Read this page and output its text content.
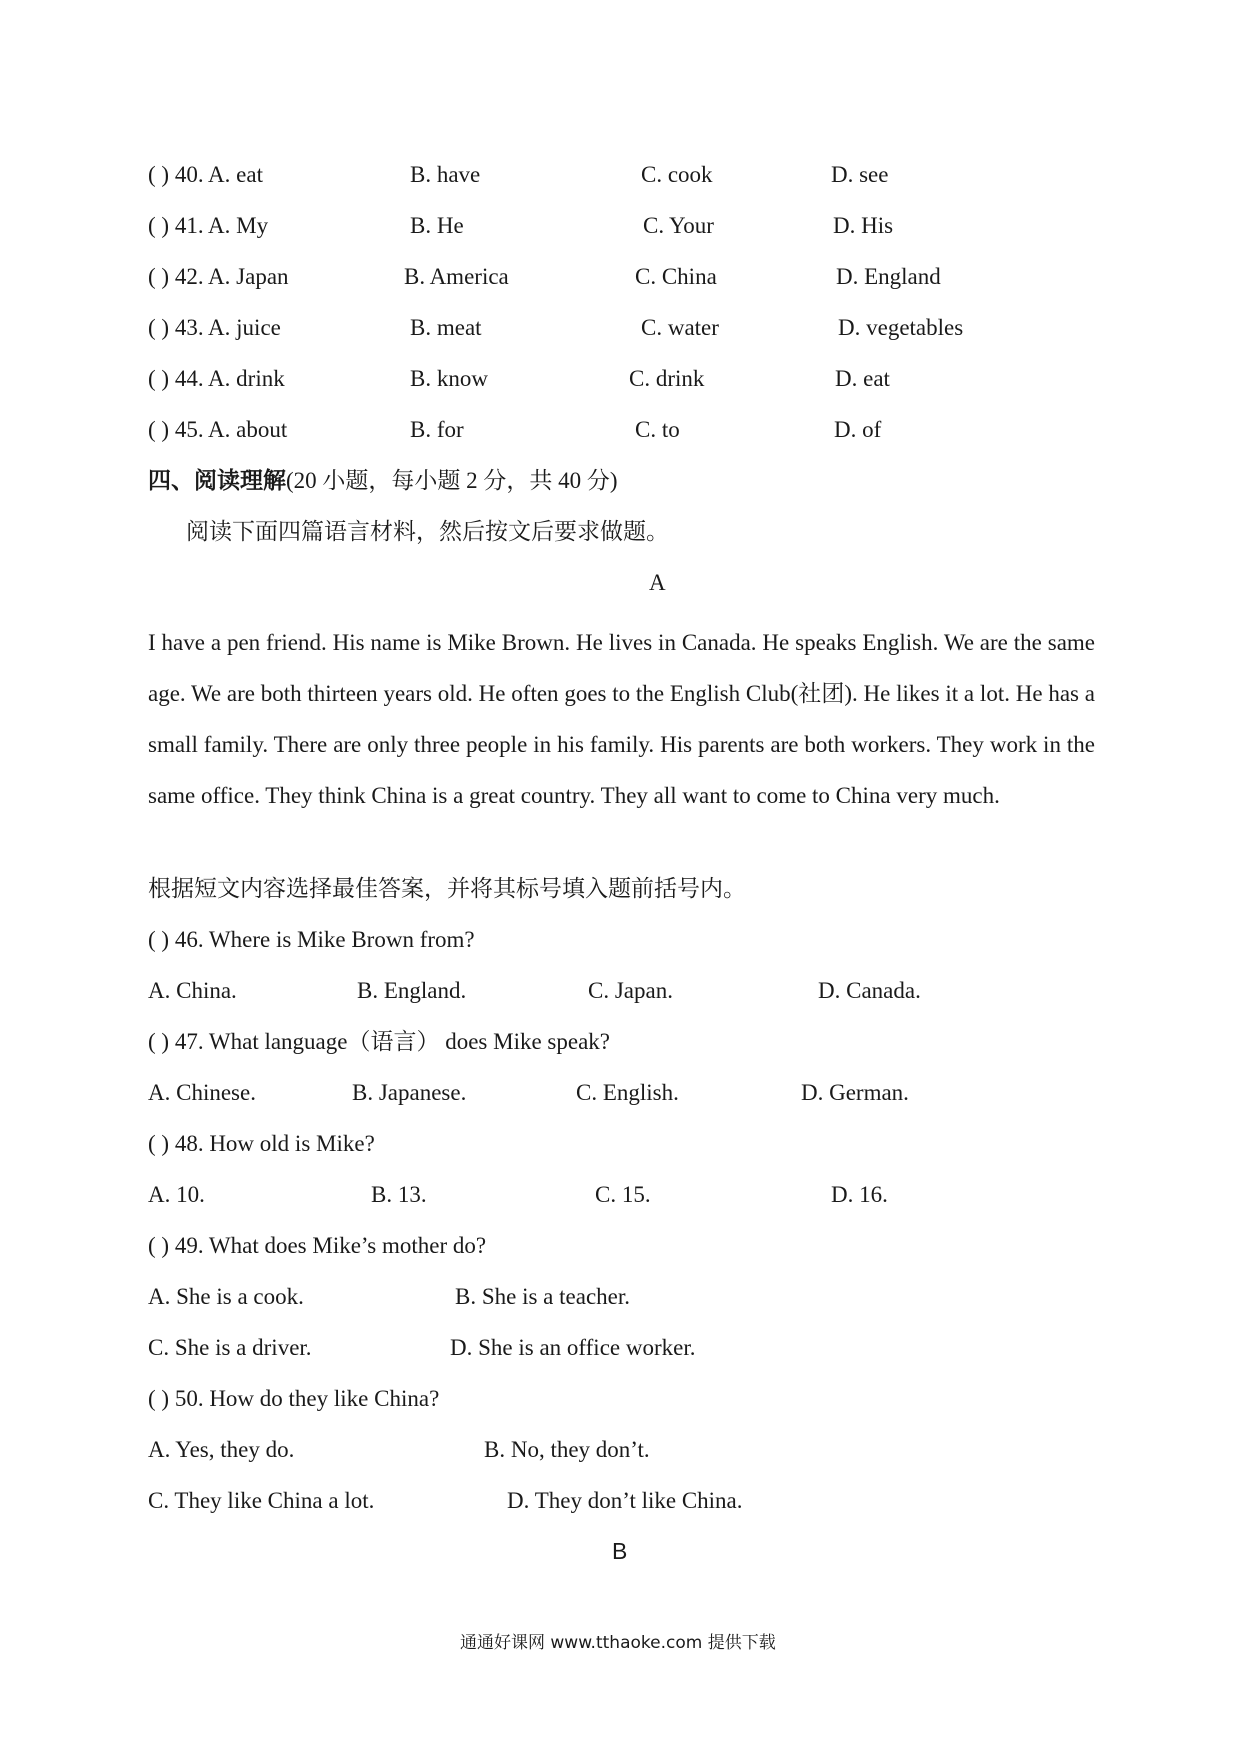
( ) 40. A. eat	B. have	C. cook	D. see
( ) 41. A. My	B. He	C. Your	D. His
( ) 42. A. Japan	B. America	C. China	D. England
( ) 43. A. juice	B. meat	C. water	D. vegetables
( ) 44. A. drink	B. know	C. drink	D. eat
( ) 45. A. about	B. for	C. to	D. of
四、阅读理解(20 小题，每小题 2 分，共 40 分)
阅读下面四篇语言材料，然后按文后要求做题。
A
I have a pen friend. His name is Mike Brown. He lives in Canada. He speaks English. We are the same age. We are both thirteen years old. He often goes to the English Club(社团). He likes it a lot. He has a small family. There are only three people in his family. His parents are both workers. They work in the same office. They think China is a great country. They all want to come to China very much.
根据短文内容选择最佳答案，并将其标号填入题前括号内。
( ) 46. Where is Mike Brown from?
A. China.	B. England.	C. Japan.	D. Canada.
( ) 47. What language（语言） does Mike speak?
A. Chinese.	B. Japanese.	C. English.	D. German.
( ) 48. How old is Mike?
A. 10.	B. 13.	C. 15.	D. 16.
( ) 49. What does Mike’s mother do?
A. She is a cook.	B. She is a teacher.
C. She is a driver.	D. She is an office worker.
( ) 50. How do they like China?
A. Yes, they do.	B. No, they don’t.
C. They like China a lot.	D. They don’t like China.
B
通通好课网 www.tthaoke.com 提供下载
